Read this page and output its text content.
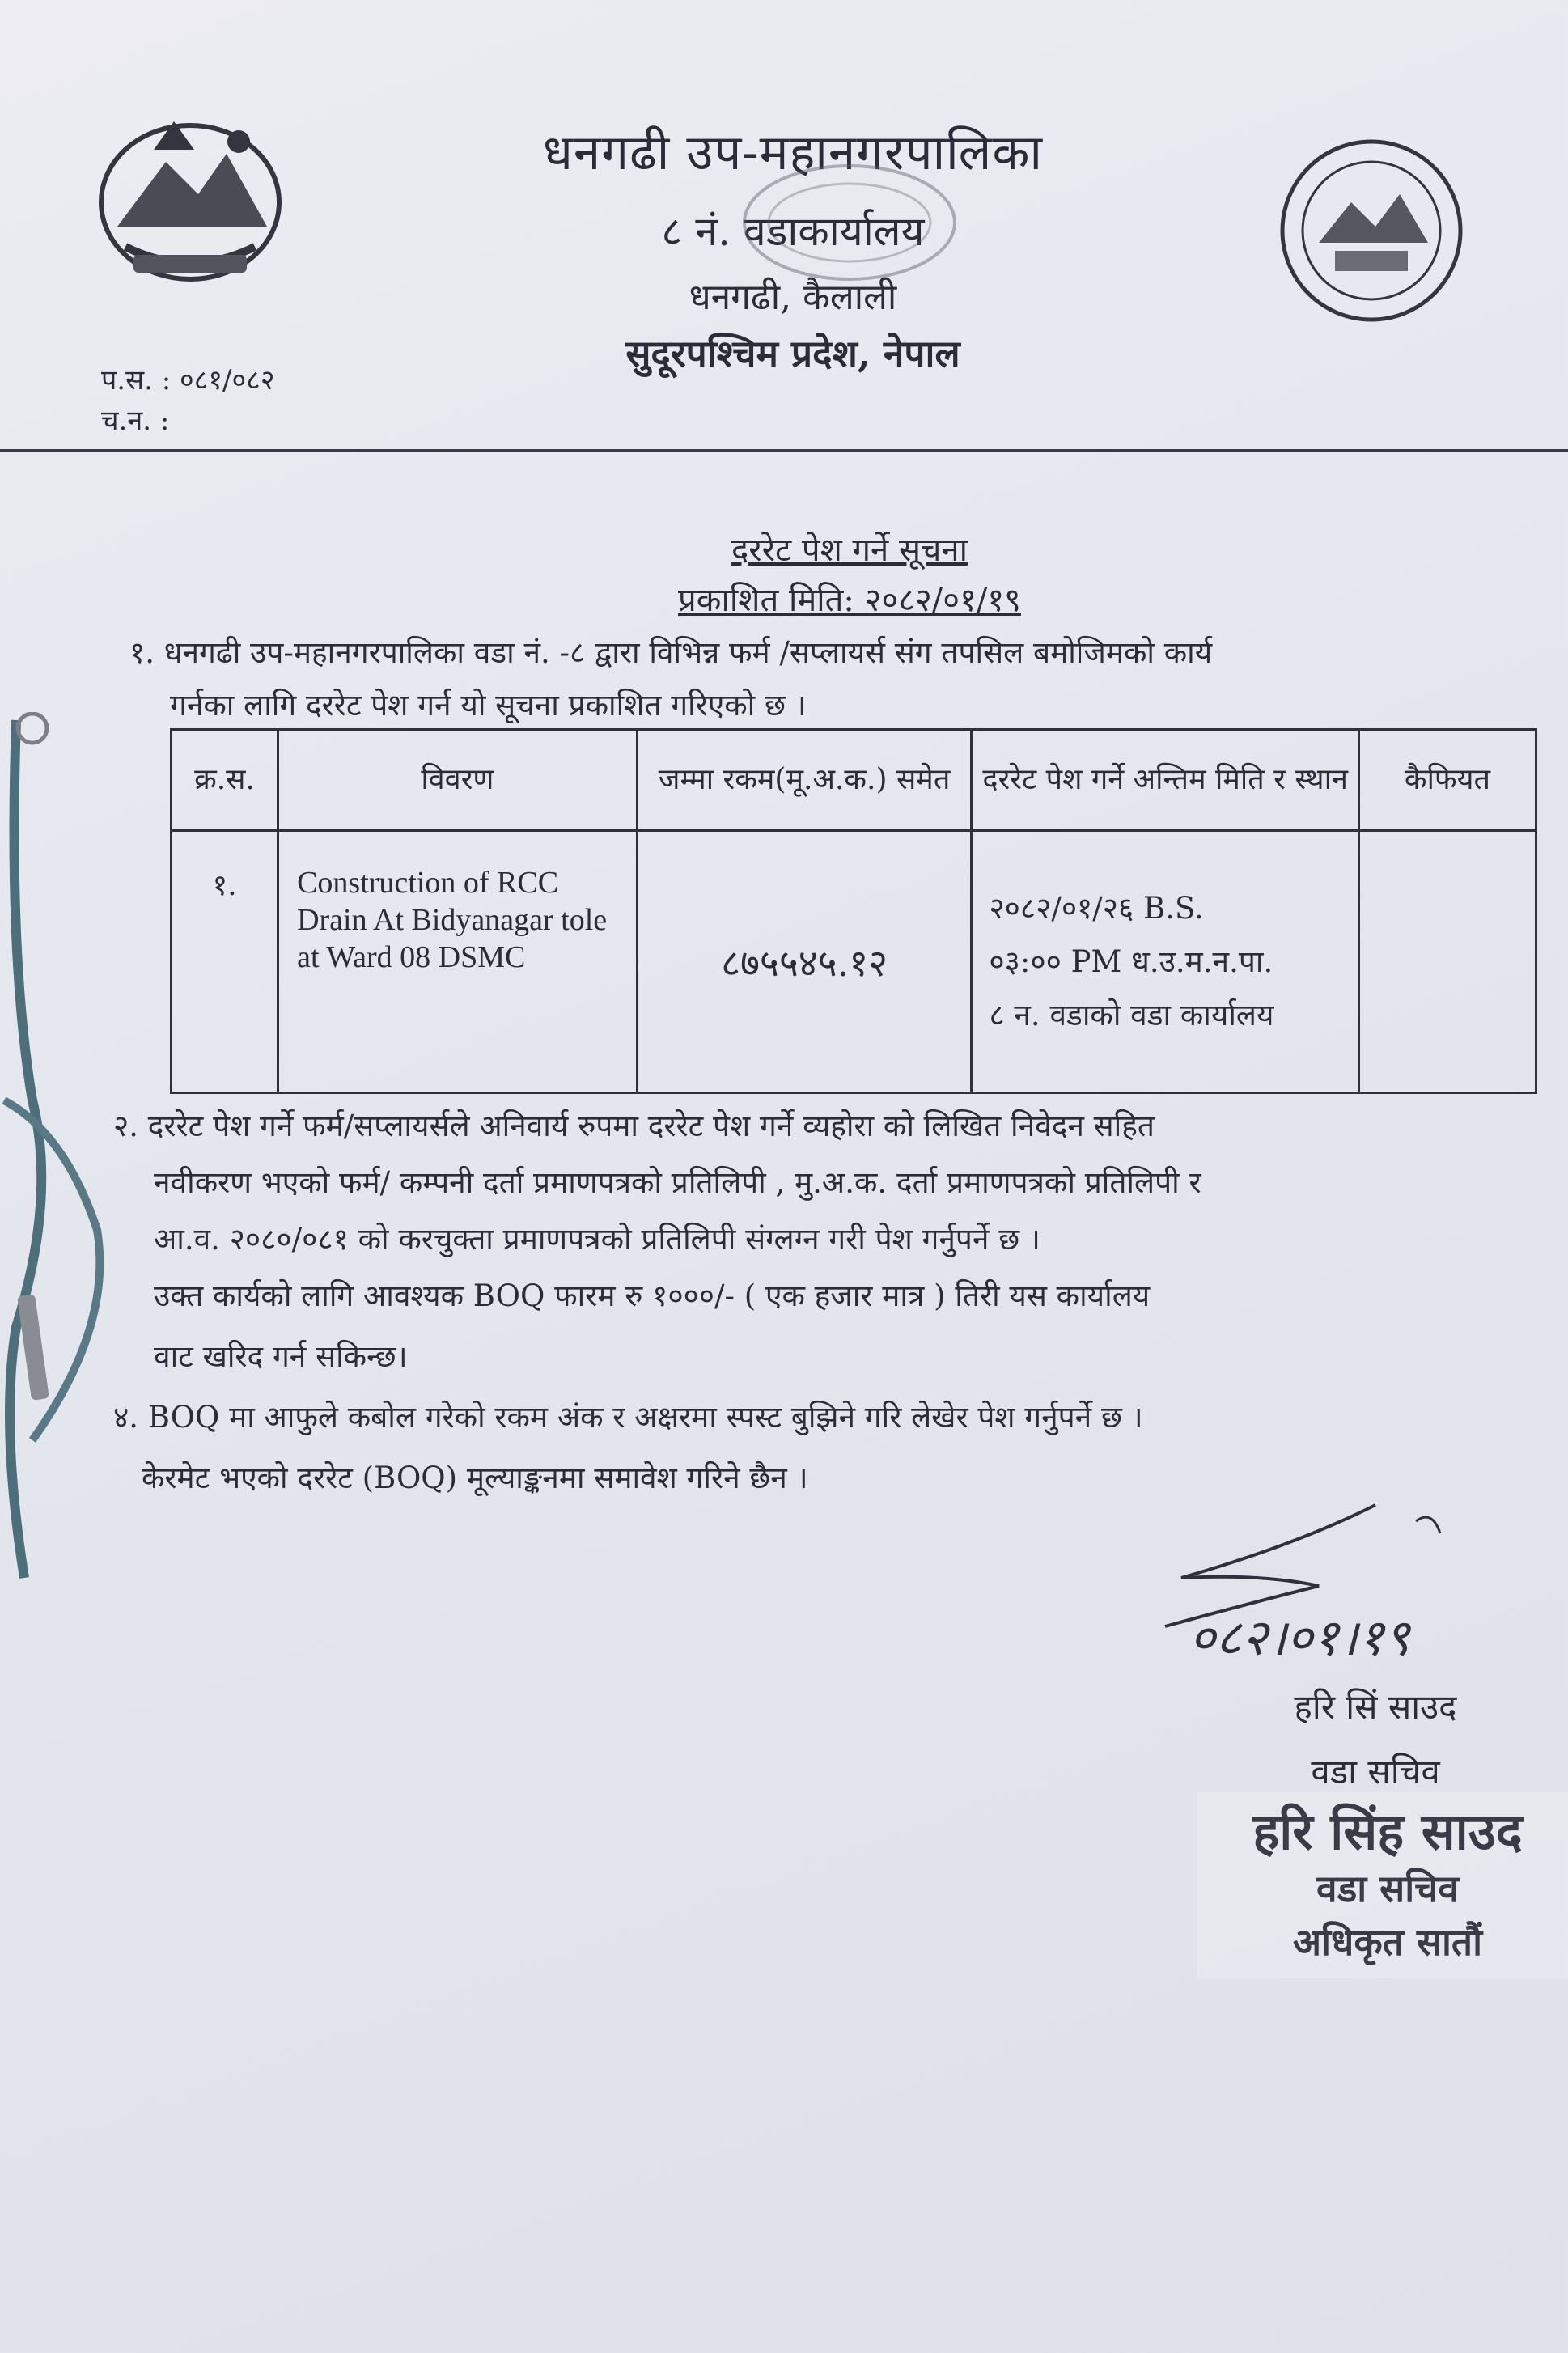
धनगढी उप-महानगरपालिका
८ नं. वडाकार्यालय
धनगढी, कैलाली
सुदूरपश्चिम प्रदेश, नेपाल
प.स. : ०८१/०८२
च.न. :
दररेट पेश गर्ने सूचना
प्रकाशित मिति: २०८२/०१/१९
१. धनगढी उप-महानगरपालिका वडा नं. -८ द्वारा विभिन्न फर्म /सप्लायर्स संग तपसिल बमोजिमको कार्य
गर्नका लागि दररेट पेश गर्न यो सूचना प्रकाशित गरिएको छ ।
क्र.स.	विवरण	जम्मा रकम(मू.अ.क.) समेत	दररेट पेश गर्ने अन्तिम मिति र स्थान	कैफियत
१.	Construction of RCC Drain At Bidyanagar tole at Ward 08 DSMC	८७५५४५.१२	२०८२/०१/२६ B.S.
०३:०० PM ध.उ.म.न.पा.
८ न. वडाको वडा कार्यालय	

२. दररेट पेश गर्ने फर्म/सप्लायर्सले अनिवार्य रुपमा दररेट पेश गर्ने व्यहोरा को लिखित निवेदन सहित
नवीकरण भएको फर्म/ कम्पनी दर्ता प्रमाणपत्रको प्रतिलिपी , मु.अ.क. दर्ता प्रमाणपत्रको प्रतिलिपी र
आ.व. २०८०/०८१ को करचुक्ता प्रमाणपत्रको प्रतिलिपी संग्लग्न गरी पेश गर्नुपर्ने छ ।
उक्त कार्यको लागि आवश्यक BOQ फारम रु १०००/- ( एक हजार मात्र ) तिरी यस कार्यालय
वाट खरिद गर्न सकिन्छ।
४. BOQ मा आफुले कबोल गरेको रकम अंक र अक्षरमा स्पस्ट बुझिने गरि लेखेर पेश गर्नुपर्ने छ ।
केरमेट भएको दररेट (BOQ) मूल्याङ्कनमा समावेश गरिने छैन ।
०८२।०१।१९
हरि सिं साउद
वडा सचिव
हरि सिंह साउद
वडा सचिव
अधिकृत सातौं
